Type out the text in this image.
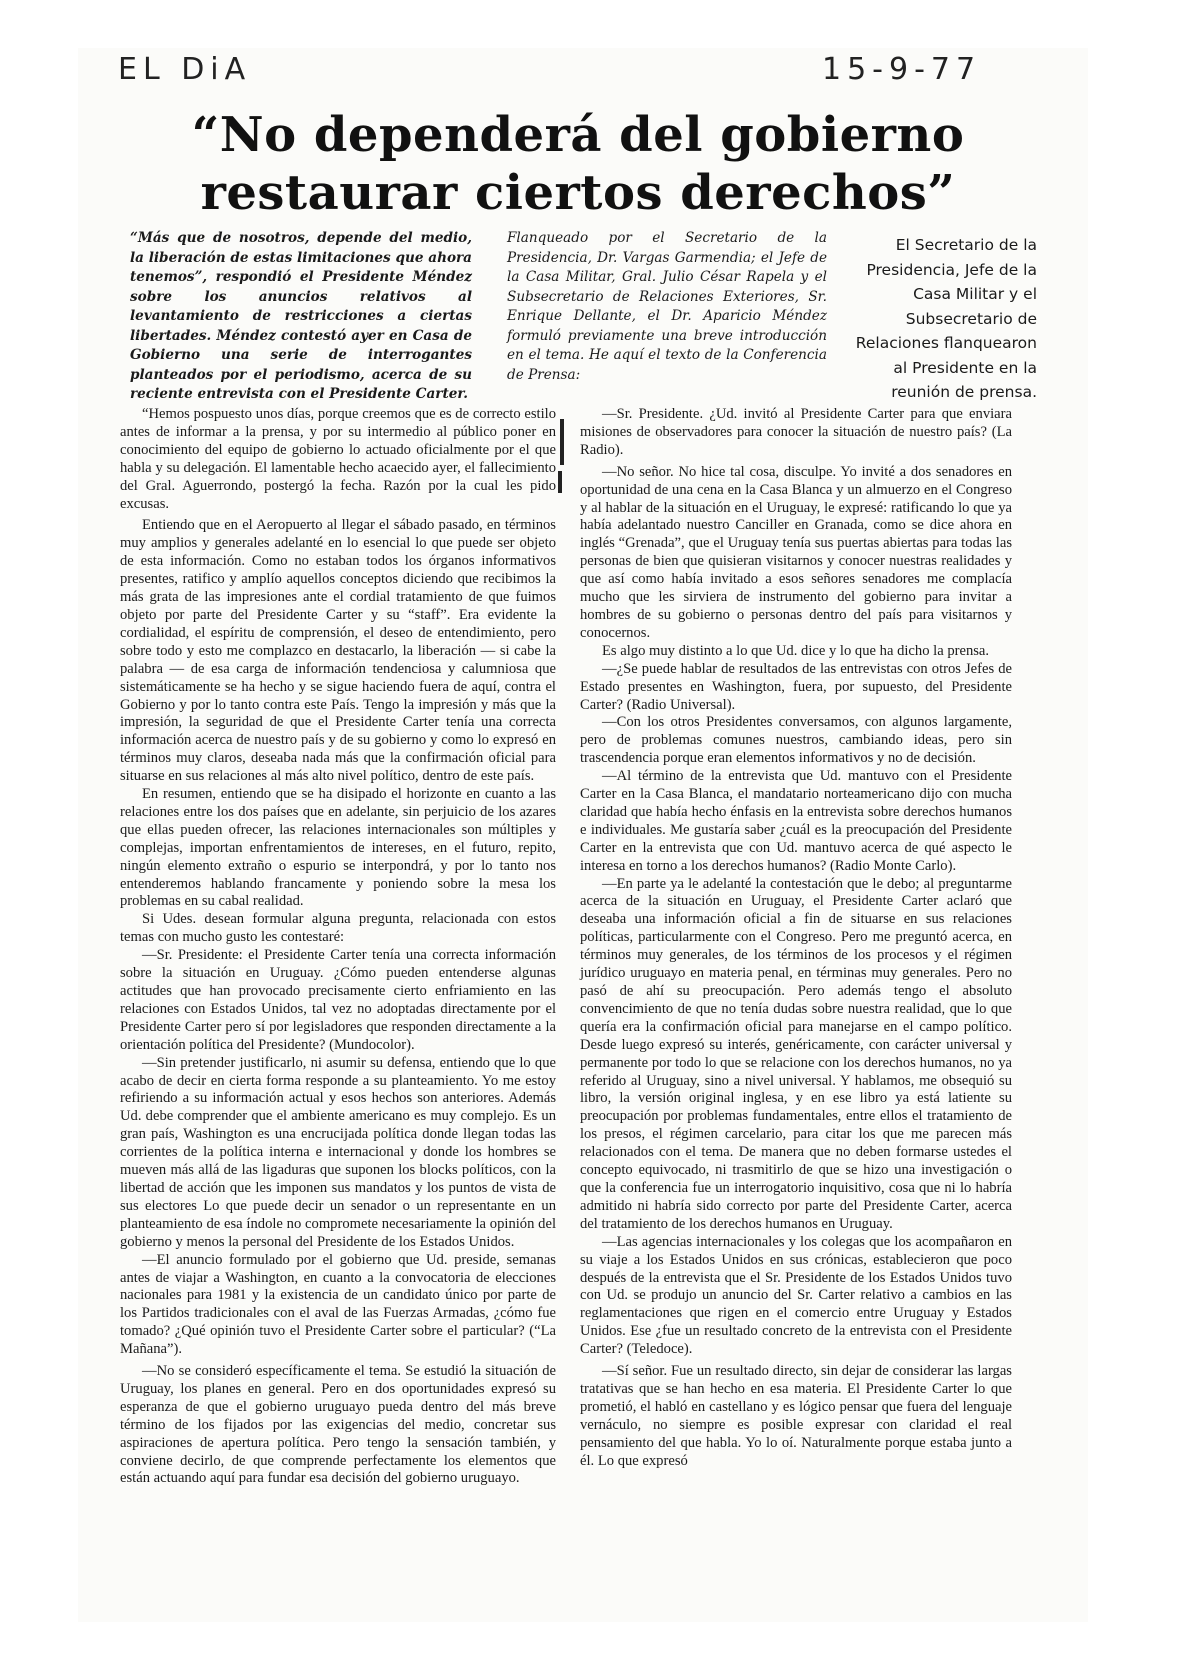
EL DiA	15-9-77
“No dependerá del gobierno restaurar ciertos derechos”

“Más que de nosotros, depende del medio, la liberación de estas limitaciones que ahora tenemos”, respondió el Presidente Méndez sobre los anuncios relativos al levantamiento de restricciones a ciertas libertades. Méndez contestó ayer en Casa de Gobierno una serie de interrogantes planteados por el periodismo, acerca de su reciente entrevista con el Presidente Carter.

Flanqueado por el Secretario de la Presidencia, Dr. Vargas Garmendia; el Jefe de la Casa Militar, Gral. Julio César Rapela y el Subsecretario de Relaciones Exteriores, Sr. Enrique Dellante, el Dr. Aparicio Méndez formuló previamente una breve introducción en el tema. He aquí el texto de la Conferencia de Prensa:

El Secretario de la Presidencia, Jefe de la Casa Militar y el Subsecretario de Relaciones flanquearon al Presidente en la reunión de prensa.

“Hemos pospuesto unos días, porque creemos que es de correcto estilo antes de informar a la prensa, y por su intermedio al público poner en conocimiento del equipo de gobierno lo actuado oficialmente por el que habla y su delegación. El lamentable hecho acaecido ayer, el fallecimiento del Gral. Aguerrondo, postergó la fecha. Razón por la cual les pido excusas.

Entiendo que en el Aeropuerto al llegar el sábado pasado, en términos muy amplios y generales adelanté en lo esencial lo que puede ser objeto de esta información. Como no estaban todos los órganos informativos presentes, ratifico y amplío aquellos conceptos diciendo que recibimos la más grata de las impresiones ante el cordial tratamiento de que fuimos objeto por parte del Presidente Carter y su “staff”. Era evidente la cordialidad, el espíritu de comprensión, el deseo de entendimiento, pero sobre todo y esto me complazco en destacarlo, la liberación — si cabe la palabra — de esa carga de información tendenciosa y calumniosa que sistemáticamente se ha hecho y se sigue haciendo fuera de aquí, contra el Gobierno y por lo tanto contra este País. Tengo la impresión y más que la impresión, la seguridad de que el Presidente Carter tenía una correcta información acerca de nuestro país y de su gobierno y como lo expresó en términos muy claros, deseaba nada más que la confirmación oficial para situarse en sus relaciones al más alto nivel político, dentro de este país.

En resumen, entiendo que se ha disipado el horizonte en cuanto a las relaciones entre los dos países que en adelante, sin perjuicio de los azares que ellas pueden ofrecer, las relaciones internacionales son múltiples y complejas, importan enfrentamientos de intereses, en el futuro, repito, ningún elemento extraño o espurio se interpondrá, y por lo tanto nos entenderemos hablando francamente y poniendo sobre la mesa los problemas en su cabal realidad.

Si Udes. desean formular alguna pregunta, relacionada con estos temas con mucho gusto les contestaré:

—Sr. Presidente: el Presidente Carter tenía una correcta información sobre la situación en Uruguay. ¿Cómo pueden entenderse algunas actitudes que han provocado precisamente cierto enfriamiento en las relaciones con Estados Unidos, tal vez no adoptadas directamente por el Presidente Carter pero sí por legisladores que responden directamente a la orientación política del Presidente? (Mundocolor).

—Sin pretender justificarlo, ni asumir su defensa, entiendo que lo que acabo de decir en cierta forma responde a su planteamiento. Yo me estoy refiriendo a su información actual y esos hechos son anteriores. Además Ud. debe comprender que el ambiente americano es muy complejo. Es un gran país, Washington es una encrucijada política donde llegan todas las corrientes de la política interna e internacional y donde los hombres se mueven más allá de las ligaduras que suponen los blocks políticos, con la libertad de acción que les imponen sus mandatos y los puntos de vista de sus electores Lo que puede decir un senador o un representante en un planteamiento de esa índole no compromete necesariamente la opinión del gobierno y menos la personal del Presidente de los Estados Unidos.

—El anuncio formulado por el gobierno que Ud. preside, semanas antes de viajar a Washington, en cuanto a la convocatoria de elecciones nacionales para 1981 y la existencia de un candidato único por parte de los Partidos tradicionales con el aval de las Fuerzas Armadas, ¿cómo fue tomado? ¿Qué opinión tuvo el Presidente Carter sobre el particular? (“La Mañana”).

—No se consideró específicamente el tema. Se estudió la situación de Uruguay, los planes en general. Pero en dos oportunidades expresó su esperanza de que el gobierno uruguayo pueda dentro del más breve término de los fijados por las exigencias del medio, concretar sus aspiraciones de apertura política. Pero tengo la sensación también, y conviene decirlo, de que comprende perfectamente los elementos que están actuando aquí para fundar esa decisión del gobierno uruguayo.

—Sr. Presidente. ¿Ud. invitó al Presidente Carter para que enviara misiones de observadores para conocer la situación de nuestro país? (La Radio).

—No señor. No hice tal cosa, disculpe. Yo invité a dos senadores en oportunidad de una cena en la Casa Blanca y un almuerzo en el Congreso y al hablar de la situación en el Uruguay, le expresé: ratificando lo que ya había adelantado nuestro Canciller en Granada, como se dice ahora en inglés “Grenada”, que el Uruguay tenía sus puertas abiertas para todas las personas de bien que quisieran visitarnos y conocer nuestras realidades y que así como había invitado a esos señores senadores me complacía mucho que les sirviera de instrumento del gobierno para invitar a hombres de su gobierno o personas dentro del país para visitarnos y conocernos.

Es algo muy distinto a lo que Ud. dice y lo que ha dicho la prensa.

—¿Se puede hablar de resultados de las entrevistas con otros Jefes de Estado presentes en Washington, fuera, por supuesto, del Presidente Carter? (Radio Universal).

—Con los otros Presidentes conversamos, con algunos largamente, pero de problemas comunes nuestros, cambiando ideas, pero sin trascendencia porque eran elementos informativos y no de decisión.

—Al término de la entrevista que Ud. mantuvo con el Presidente Carter en la Casa Blanca, el mandatario norteamericano dijo con mucha claridad que había hecho énfasis en la entrevista sobre derechos humanos e individuales. Me gustaría saber ¿cuál es la preocupación del Presidente Carter en la entrevista que con Ud. mantuvo acerca de qué aspecto le interesa en torno a los derechos humanos? (Radio Monte Carlo).

—En parte ya le adelanté la contestación que le debo; al preguntarme acerca de la situación en Uruguay, el Presidente Carter aclaró que deseaba una información oficial a fin de situarse en sus relaciones políticas, particularmente con el Congreso. Pero me preguntó acerca, en términos muy generales, de los términos de los procesos y el régimen jurídico uruguayo en materia penal, en términas muy generales. Pero no pasó de ahí su preocupación. Pero además tengo el absoluto convencimiento de que no tenía dudas sobre nuestra realidad, que lo que quería era la confirmación oficial para manejarse en el campo político. Desde luego expresó su interés, genéricamente, con carácter universal y permanente por todo lo que se relacione con los derechos humanos, no ya referido al Uruguay, sino a nivel universal. Y hablamos, me obsequió su libro, la versión original inglesa, y en ese libro ya está latiente su preocupación por problemas fundamentales, entre ellos el tratamiento de los presos, el régimen carcelario, para citar los que me parecen más relacionados con el tema. De manera que no deben formarse ustedes el concepto equivocado, ni trasmitirlo de que se hizo una investigación o que la conferencia fue un interrogatorio inquisitivo, cosa que ni lo habría admitido ni habría sido correcto por parte del Presidente Carter, acerca del tratamiento de los derechos humanos en Uruguay.

—Las agencias internacionales y los colegas que los acompañaron en su viaje a los Estados Unidos en sus crónicas, establecieron que poco después de la entrevista que el Sr. Presidente de los Estados Unidos tuvo con Ud. se produjo un anuncio del Sr. Carter relativo a cambios en las reglamentaciones que rigen en el comercio entre Uruguay y Estados Unidos. Ese ¿fue un resultado concreto de la entrevista con el Presidente Carter? (Teledoce).

—Sí señor. Fue un resultado directo, sin dejar de considerar las largas tratativas que se han hecho en esa materia. El Presidente Carter lo que prometió, el habló en castellano y es lógico pensar que fuera del lenguaje vernáculo, no siempre es posible expresar con claridad el real pensamiento del que habla. Yo lo oí. Naturalmente porque estaba junto a él. Lo que expresó
